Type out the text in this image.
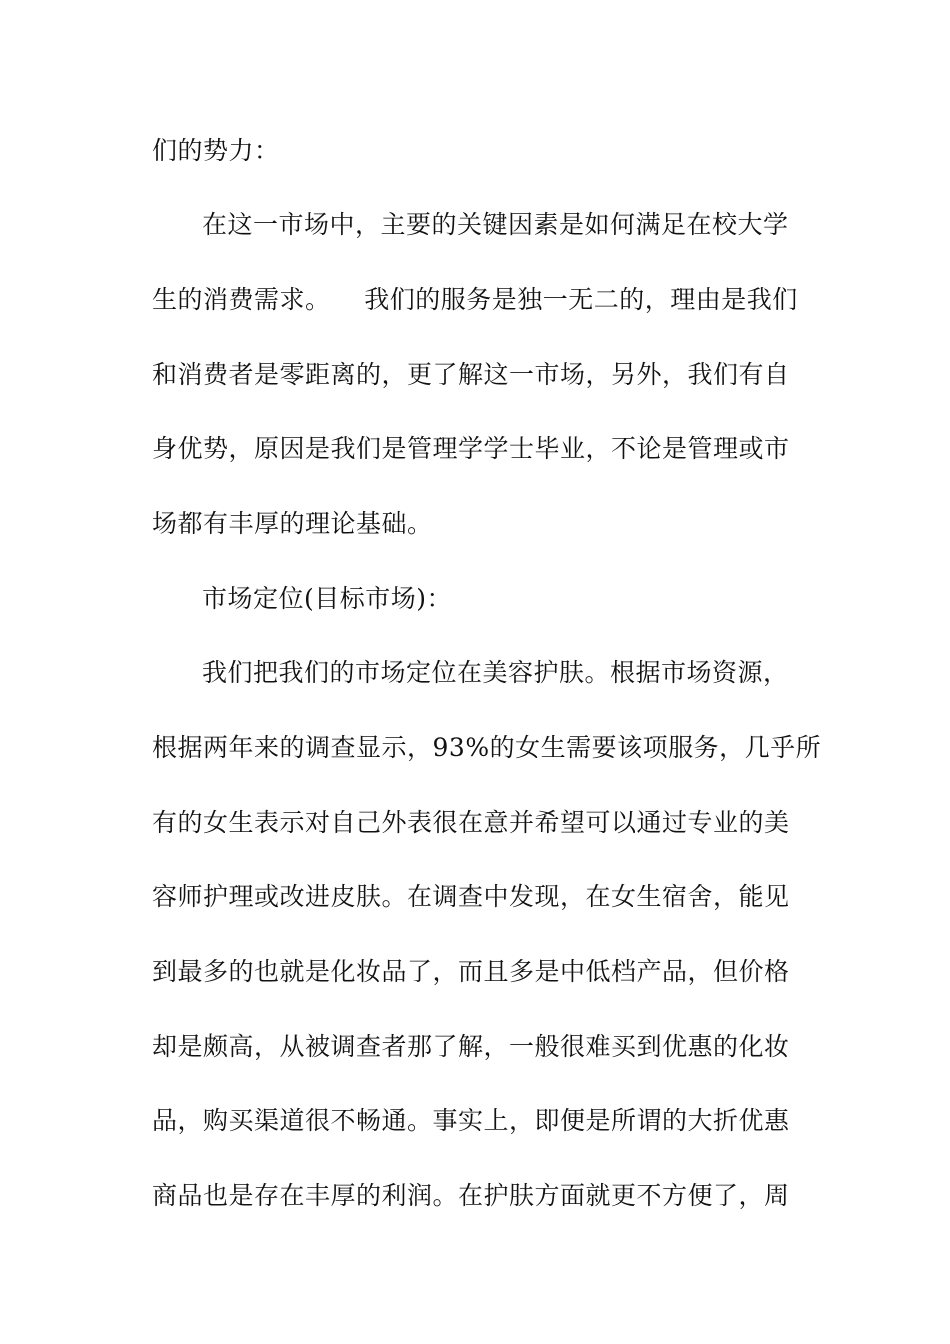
们的势力：
在这一市场中，主要的关键因素是如何满足在校大学
生的消费需求。    我们的服务是独一无二的，理由是我们
和消费者是零距离的，更了解这一市场，另外，我们有自
身优势，原因是我们是管理学学士毕业，不论是管理或市
场都有丰厚的理论基础。
市场定位(目标市场)：
我们把我们的市场定位在美容护肤。根据市场资源，
根据两年来的调查显示，93%的女生需要该项服务，几乎所
有的女生表示对自己外表很在意并希望可以通过专业的美
容师护理或改进皮肤。在调查中发现，在女生宿舍，能见
到最多的也就是化妆品了，而且多是中低档产品，但价格
却是颇高，从被调查者那了解，一般很难买到优惠的化妆
品，购买渠道很不畅通。事实上，即便是所谓的大折优惠
商品也是存在丰厚的利润。在护肤方面就更不方便了，周
